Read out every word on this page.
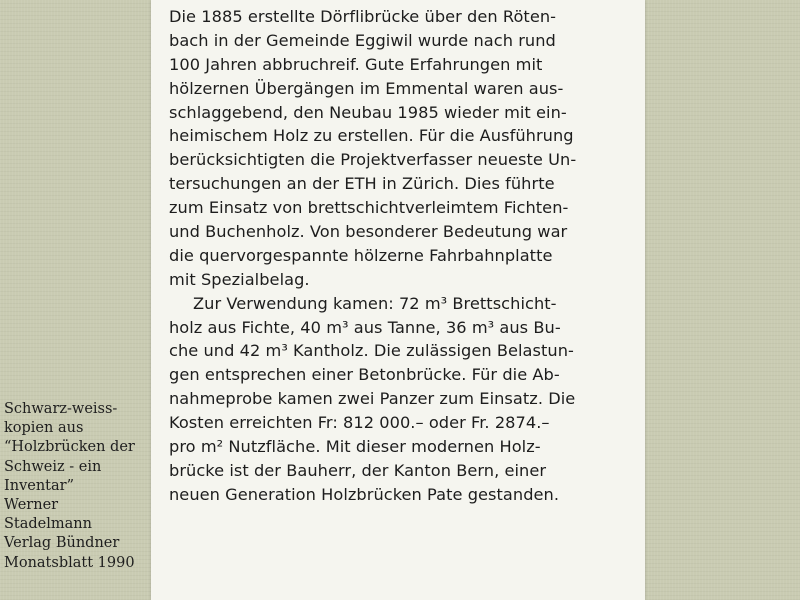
Die 1885 erstellte Dörflibrücke über den Röten-
bach in der Gemeinde Eggiwil wurde nach rund
100 Jahren abbruchreif. Gute Erfahrungen mit
hölzernen Übergängen im Emmental waren aus-
schlaggebend, den Neubau 1985 wieder mit ein-
heimischem Holz zu erstellen. Für die Ausführung
berücksichtigten die Projektverfasser neueste Un-
tersuchungen an der ETH in Zürich. Dies führte
zum Einsatz von brettschichtverleimtem Fichten-
und Buchenholz. Von besonderer Bedeutung war
die quervorgespannte hölzerne Fahrbahnplatte
mit Spezialbelag.
Zur Verwendung kamen: 72 m³ Brettschicht-
holz aus Fichte, 40 m³ aus Tanne, 36 m³ aus Bu-
che und 42 m³ Kantholz. Die zulässigen Belastun-
gen entsprechen einer Betonbrücke. Für die Ab-
nahmeprobe kamen zwei Panzer zum Einsatz. Die
Kosten erreichten Fr: 812 000.– oder Fr. 2874.–
pro m² Nutzfläche. Mit dieser modernen Holz-
brücke ist der Bauherr, der Kanton Bern, einer
neuen Generation Holzbrücken Pate gestanden.
Schwarz-weiss-
kopien aus
“Holzbrücken der
Schweiz - ein
Inventar”
Werner
Stadelmann
Verlag Bündner
Monatsblatt 1990
